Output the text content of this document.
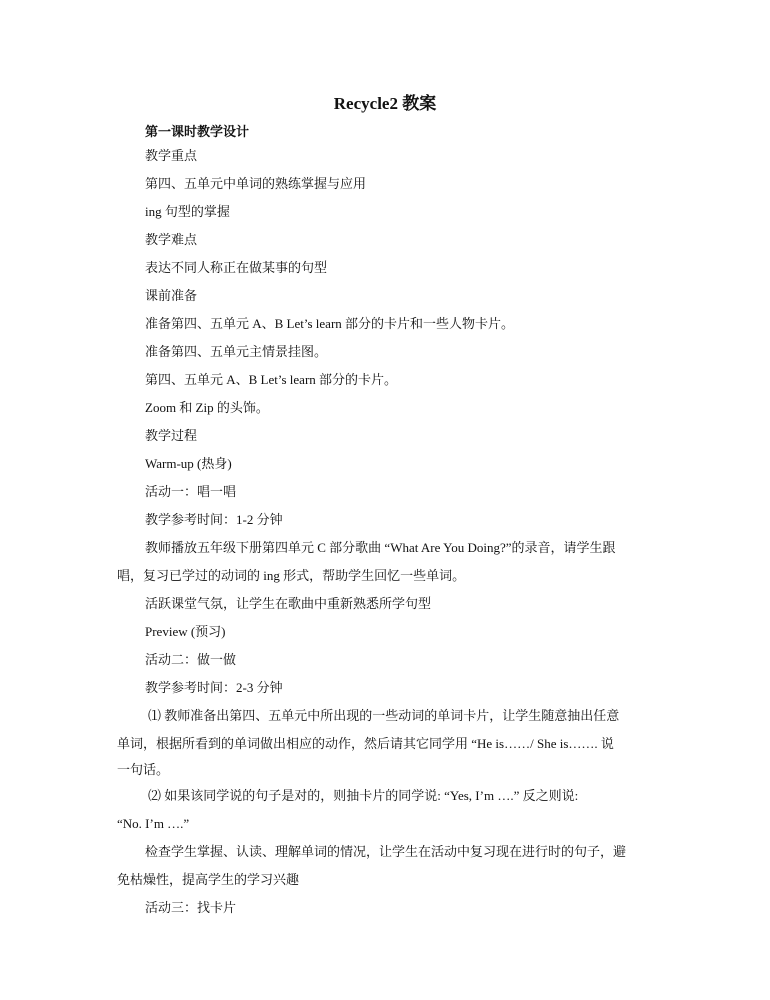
Recycle2 教案
第一课时教学设计
教学重点
第四、五单元中单词的熟练掌握与应用
ing 句型的掌握
教学难点
表达不同人称正在做某事的句型
课前准备
准备第四、五单元 A、B Let’s learn 部分的卡片和一些人物卡片。
准备第四、五单元主情景挂图。
第四、五单元 A、B Let’s learn 部分的卡片。
Zoom 和 Zip 的头饰。
教学过程
Warm-up (热身)
活动一：唱一唱
教学参考时间：1-2 分钟
教师播放五年级下册第四单元 C 部分歌曲 “What Are You Doing?”的录音，请学生跟
唱，复习已学过的动词的 ing 形式，帮助学生回忆一些单词。
活跃课堂气氛，让学生在歌曲中重新熟悉所学句型
Preview (预习)
活动二：做一做
教学参考时间：2-3 分钟
⑴ 教师准备出第四、五单元中所出现的一些动词的单词卡片，让学生随意抽出任意
单词，根据所看到的单词做出相应的动作，然后请其它同学用 “He is……/ She is……. 说
一句话。
⑵ 如果该同学说的句子是对的，则抽卡片的同学说: “Yes, I’m ….” 反之则说:
“No. I’m ….”
检查学生掌握、认读、理解单词的情况，让学生在活动中复习现在进行时的句子，避
免枯燥性，提高学生的学习兴趣
活动三：找卡片
